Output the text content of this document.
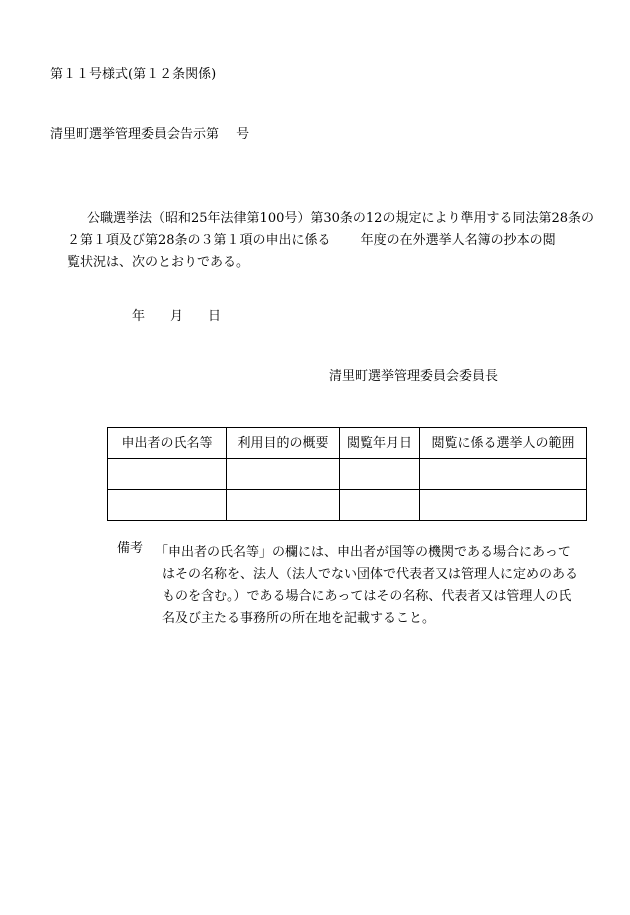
第１１号様式(第１２条関係)
清里町選挙管理委員会告示第　 号
公職選挙法（昭和25年法律第100号）第30条の12の規定により準用する同法第28条の
２第１項及び第28条の３第１項の申出に係る　　 年度の在外選挙人名簿の抄本の閲
覧状況は、次のとおりである。
年 月 日
清里町選挙管理委員会委員長
申出者の氏名等	利用目的の概要	閲覧年月日	閲覧に係る選挙人の範囲

備考 「申出者の氏名等」の欄には、申出者が国等の機関である場合にあって
はその名称を、法人（法人でない団体で代表者又は管理人に定めのある
ものを含む。）である場合にあってはその名称、代表者又は管理人の氏
名及び主たる事務所の所在地を記載すること。
